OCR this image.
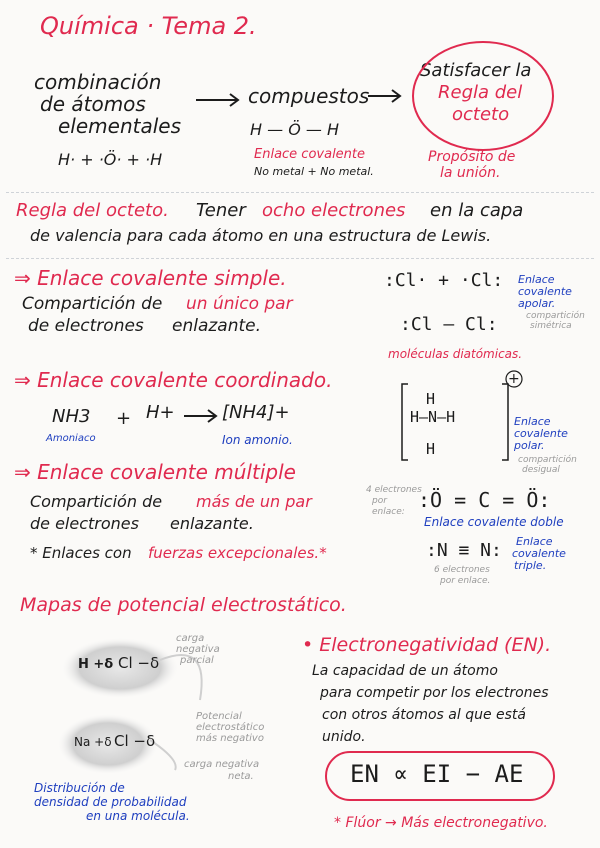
Química · Tema 2.
combinación
de átomos
elementales
H· + ·Ö· + ·H
compuestos
H — Ö — H
Enlace covalente
No metal + No metal.
Satisfacer la
Regla del
octeto
Propósito de
la unión.
Regla del octeto. Tener ocho electrones en la capa
de valencia para cada átomo en una estructura de Lewis.
⇒ Enlace covalente simple.
Compartición de un único par
de electrones enlazante.
:Cl· + ·Cl:
:Cl — Cl:
Enlace
covalente
apolar.
compartición
simétrica
moléculas diatómicas.
⇒ Enlace covalente coordinado.
NH3 + H+	[NH4]+
Amoniaco	Ion amonio.
H
H—N—H
H
+
Enlace
covalente
polar.
compartición
desigual
⇒ Enlace covalente múltiple
Compartición de más de un par
de electrones enlazante.
* Enlaces con fuerzas excepcionales.*
4 electrones
por
enlace: :Ö = C = Ö:
Enlace covalente doble
:N ≡ N: Enlace
covalente
triple.
6 electrones
por enlace.
Mapas de potencial electrostático.
H +δ Cl −δ
Na +δ Cl −δ
carga
negativa
parcial
Potencial
electrostático
más negativo
carga negativa
neta.
Distribución de
densidad de probabilidad
en una molécula.
• Electronegatividad (EN).
La capacidad de un átomo
para competir por los electrones
con otros átomos al que está
unido.
EN ∝ EI − AE
* Flúor → Más electronegativo.
